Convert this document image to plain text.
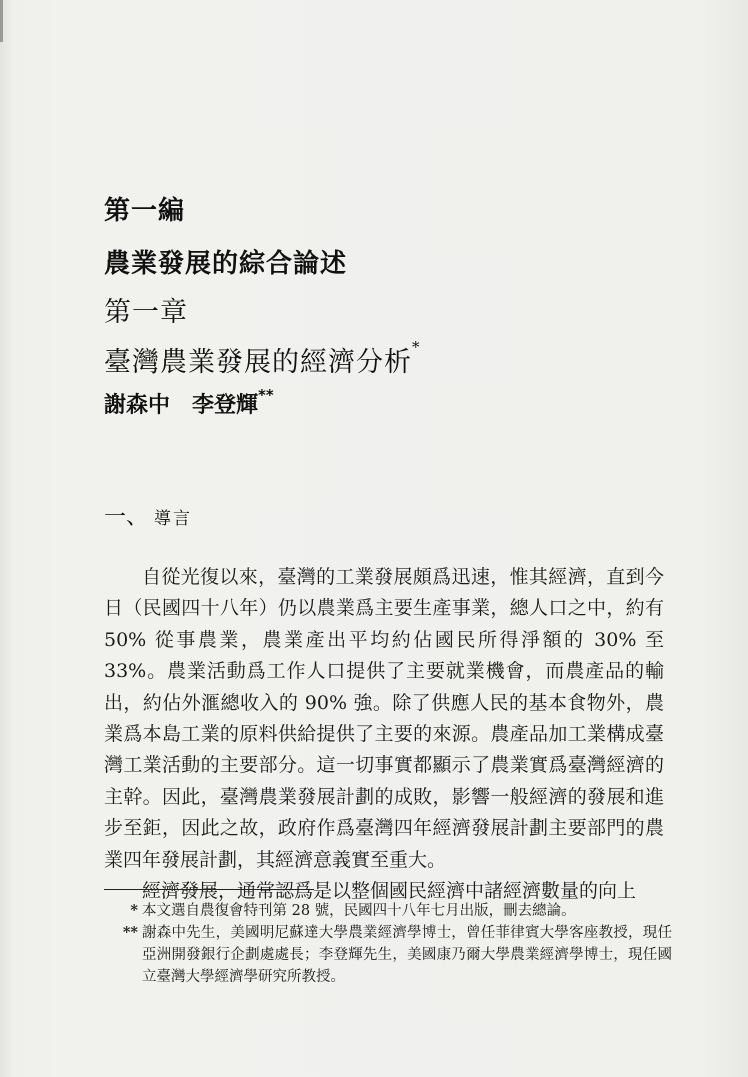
第一編
農業發展的綜合論述
第一章
臺灣農業發展的經濟分析*
謝森中 李登輝**
一、 導言

自從光復以來，臺灣的工業發展頗爲迅速，惟其經濟，直到今日（民國四十八年）仍以農業爲主要生產事業，總人口之中，約有 50% 從事農業，農業產出平均約佔國民所得淨額的 30% 至33%。農業活動爲工作人口提供了主要就業機會，而農產品的輸出，約佔外滙總收入的 90% 強。除了供應人民的基本食物外，農業爲本島工業的原料供給提供了主要的來源。農產品加工業構成臺灣工業活動的主要部分。這一切事實都顯示了農業實爲臺灣經濟的主幹。因此，臺灣農業發展計劃的成敗，影響一般經濟的發展和進步至鉅，因此之故，政府作爲臺灣四年經濟發展計劃主要部門的農業四年發展計劃，其經濟意義實至重大。

經濟發展，通常認爲是以整個國民經濟中諸經濟數量的向上

* 本文選自農復會特刊第 28 號，民國四十八年七月出版，刪去總論。

** 謝森中先生，美國明尼蘇達大學農業經濟學博士，曾任菲律賓大學客座教授，現任亞洲開發銀行企劃處處長；李登輝先生，美國康乃爾大學農業經濟學博士，現任國立臺灣大學經濟學研究所教授。
